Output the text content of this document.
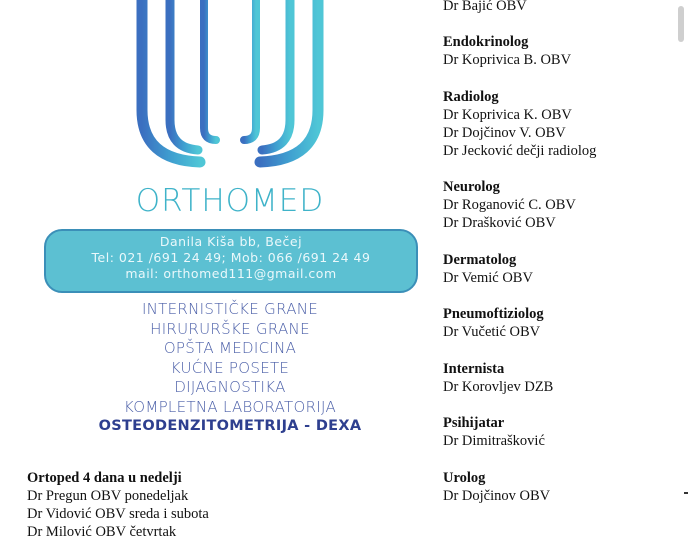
ORTHOMED
Danila Kiša bb, Bečej
Tel: 021 /691 24 49; Mob: 066 /691 24 49
mail: orthomed111@gmail.com
INTERNISTIČKE GRANE
HIRURURŠKE GRANE
OPŠTA MEDICINA
KUĆNE POSETE
DIJAGNOSTIKA
KOMPLETNA LABORATORIJA
OSTEODENZITOMETRIJA - DEXA
Dr Bajić OBV
Endokrinolog
Dr Koprivica B. OBV
Radiolog
Dr Koprivica K. OBV
Dr Dojčinov V. OBV
Dr Jecković dečji radiolog
Neurolog
Dr Roganović C. OBV
Dr Drašković OBV
Dermatolog
Dr Vemić OBV
Pneumoftiziolog
Dr Vučetić OBV
Internista
Dr Korovljev DZB
Psihijatar
Dr Dimitrašković
Urolog
Dr Dojčinov OBV
Ortoped 4 dana u nedelji
Dr Pregun OBV ponedeljak
Dr Vidović OBV sreda i subota
Dr Milović OBV četvrtak
